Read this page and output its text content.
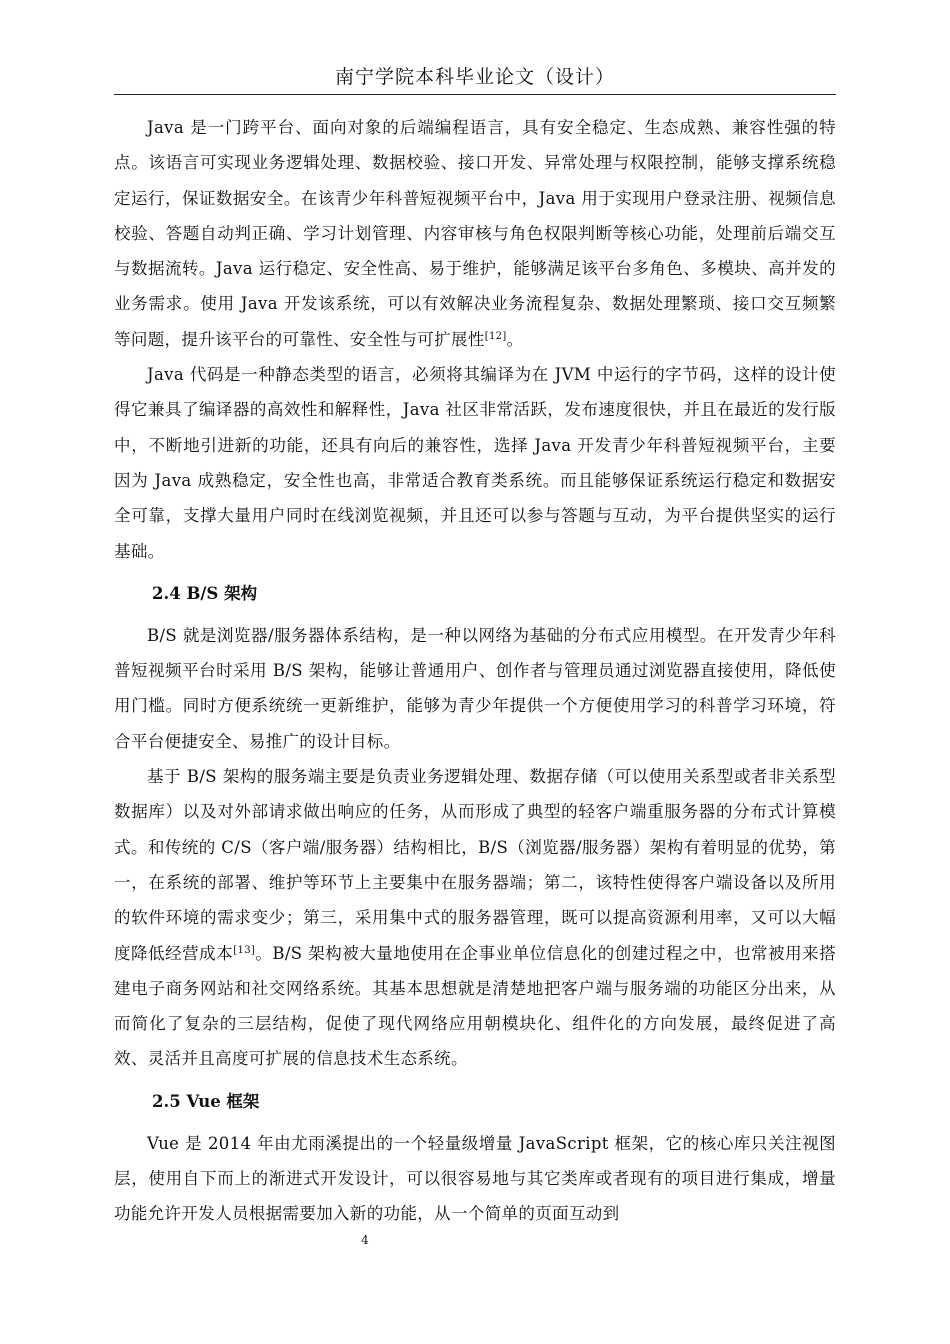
南宁学院本科毕业论文（设计）

Java 是一门跨平台、面向对象的后端编程语言，具有安全稳定、生态成熟、兼容性强的特点。该语言可实现业务逻辑处理、数据校验、接口开发、异常处理与权限控制，能够支撑系统稳定运行，保证数据安全。在该青少年科普短视频平台中，Java 用于实现用户登录注册、视频信息校验、答题自动判正确、学习计划管理、内容审核与角色权限判断等核心功能，处理前后端交互与数据流转。Java 运行稳定、安全性高、易于维护，能够满足该平台多角色、多模块、高并发的业务需求。使用 Java 开发该系统，可以有效解决业务流程复杂、数据处理繁琐、接口交互频繁等问题，提升该平台的可靠性、安全性与可扩展性[12]。

Java 代码是一种静态类型的语言，必须将其编译为在 JVM 中运行的字节码，这样的设计使得它兼具了编译器的高效性和解释性，Java 社区非常活跃，发布速度很快，并且在最近的发行版中，不断地引进新的功能，还具有向后的兼容性，选择 Java 开发青少年科普短视频平台，主要因为 Java 成熟稳定，安全性也高，非常适合教育类系统。而且能够保证系统运行稳定和数据安全可靠，支撑大量用户同时在线浏览视频，并且还可以参与答题与互动，为平台提供坚实的运行基础。

2.4 B/S 架构

B/S 就是浏览器/服务器体系结构，是一种以网络为基础的分布式应用模型。在开发青少年科普短视频平台时采用 B/S 架构，能够让普通用户、创作者与管理员通过浏览器直接使用，降低使用门槛。同时方便系统统一更新维护，能够为青少年提供一个方便使用学习的科普学习环境，符合平台便捷安全、易推广的设计目标。

基于 B/S 架构的服务端主要是负责业务逻辑处理、数据存储（可以使用关系型或者非关系型数据库）以及对外部请求做出响应的任务，从而形成了典型的轻客户端重服务器的分布式计算模式。和传统的 C/S（客户端/服务器）结构相比，B/S（浏览器/服务器）架构有着明显的优势，第一，在系统的部署、维护等环节上主要集中在服务器端；第二，该特性使得客户端设备以及所用的软件环境的需求变少；第三，采用集中式的服务器管理，既可以提高资源利用率，又可以大幅度降低经营成本[13]。B/S 架构被大量地使用在企事业单位信息化的创建过程之中，也常被用来搭建电子商务网站和社交网络系统。其基本思想就是清楚地把客户端与服务端的功能区分出来，从而简化了复杂的三层结构，促使了现代网络应用朝模块化、组件化的方向发展，最终促进了高效、灵活并且高度可扩展的信息技术生态系统。

2.5 Vue 框架

Vue 是 2014 年由尤雨溪提出的一个轻量级增量 JavaScript 框架，它的核心库只关注视图层，使用自下而上的渐进式开发设计，可以很容易地与其它类库或者现有的项目进行集成，增量功能允许开发人员根据需要加入新的功能，从一个简单的页面互动到

4
